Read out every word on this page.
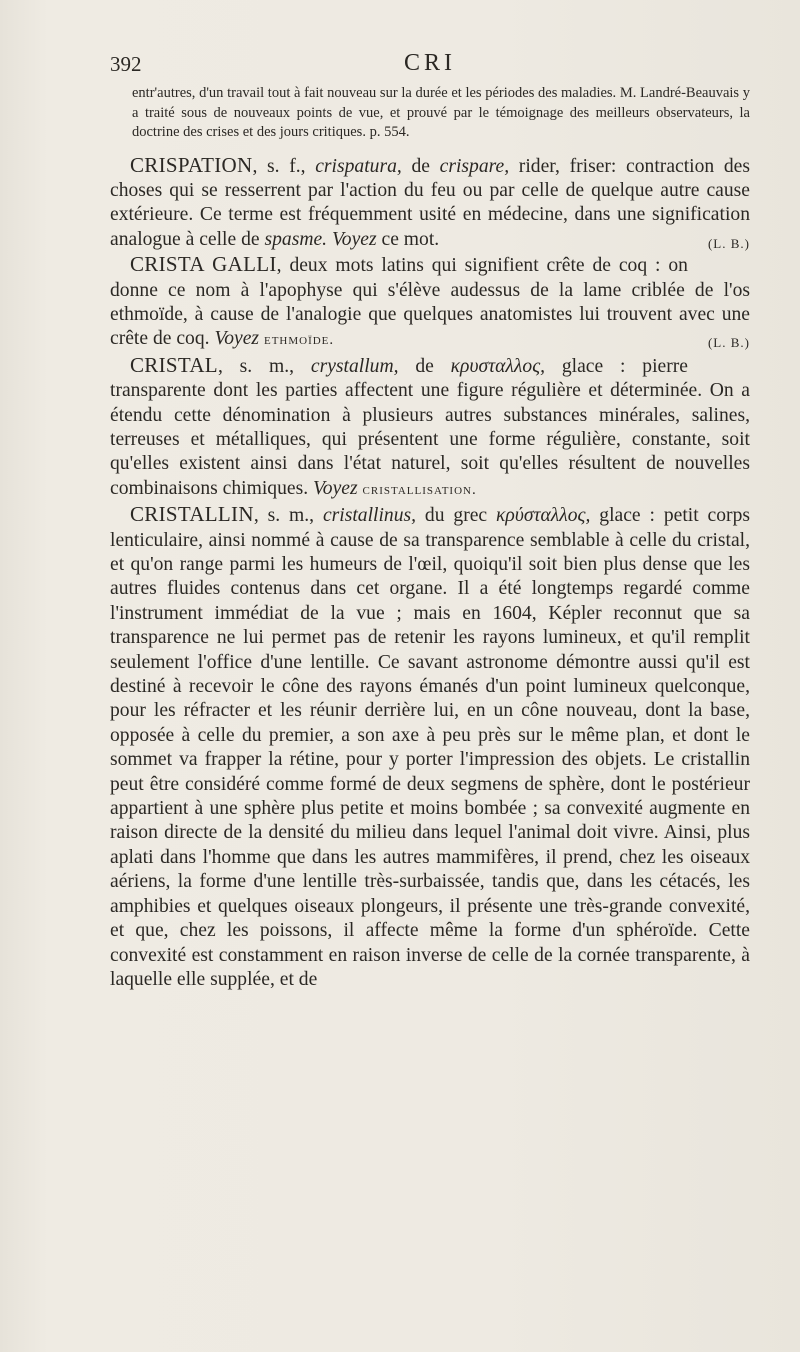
392	CRI

entr'autres, d'un travail tout à fait nouveau sur la durée et les périodes des maladies. M. Landré-Beauvais y a traité sous de nouveaux points de vue, et prouvé par le témoignage des meilleurs observateurs, la doctrine des crises et des jours critiques. p. 554.

CRISPATION, s. f., crispatura, de crispare, rider, friser: contraction des choses qui se resserrent par l'action du feu ou par celle de quelque autre cause extérieure. Ce terme est fréquemment usité en médecine, dans une signification analogue à celle de spasme. Voyez ce mot.	(L. B.)

CRISTA GALLI, deux mots latins qui signifient crête de coq : on donne ce nom à l'apophyse qui s'élève audessus de la lame criblée de l'os ethmoïde, à cause de l'analogie que quelques anatomistes lui trouvent avec une crête de coq. Voyez ethmoïde.	(L. B.)

CRISTAL, s. m., crystallum, de κρυσταλλος, glace : pierre transparente dont les parties affectent une figure régulière et déterminée. On a étendu cette dénomination à plusieurs autres substances minérales, salines, terreuses et métalliques, qui présentent une forme régulière, constante, soit qu'elles existent ainsi dans l'état naturel, soit qu'elles résultent de nouvelles combinaisons chimiques. Voyez cristallisation.

CRISTALLIN, s. m., cristallinus, du grec κρύσταλλος, glace : petit corps lenticulaire, ainsi nommé à cause de sa transparence semblable à celle du cristal, et qu'on range parmi les humeurs de l'œil, quoiqu'il soit bien plus dense que les autres fluides contenus dans cet organe. Il a été longtemps regardé comme l'instrument immédiat de la vue ; mais en 1604, Képler reconnut que sa transparence ne lui permet pas de retenir les rayons lumineux, et qu'il remplit seulement l'office d'une lentille. Ce savant astronome démontre aussi qu'il est destiné à recevoir le cône des rayons émanés d'un point lumineux quelconque, pour les réfracter et les réunir derrière lui, en un cône nouveau, dont la base, opposée à celle du premier, a son axe à peu près sur le même plan, et dont le sommet va frapper la rétine, pour y porter l'impression des objets. Le cristallin peut être considéré comme formé de deux segmens de sphère, dont le postérieur appartient à une sphère plus petite et moins bombée ; sa convexité augmente en raison directe de la densité du milieu dans lequel l'animal doit vivre. Ainsi, plus aplati dans l'homme que dans les autres mammifères, il prend, chez les oiseaux aériens, la forme d'une lentille très-surbaissée, tandis que, dans les cétacés, les amphibies et quelques oiseaux plongeurs, il présente une très-grande convexité, et que, chez les poissons, il affecte même la forme d'un sphéroïde. Cette convexité est constamment en raison inverse de celle de la cornée transparente, à laquelle elle supplée, et de
